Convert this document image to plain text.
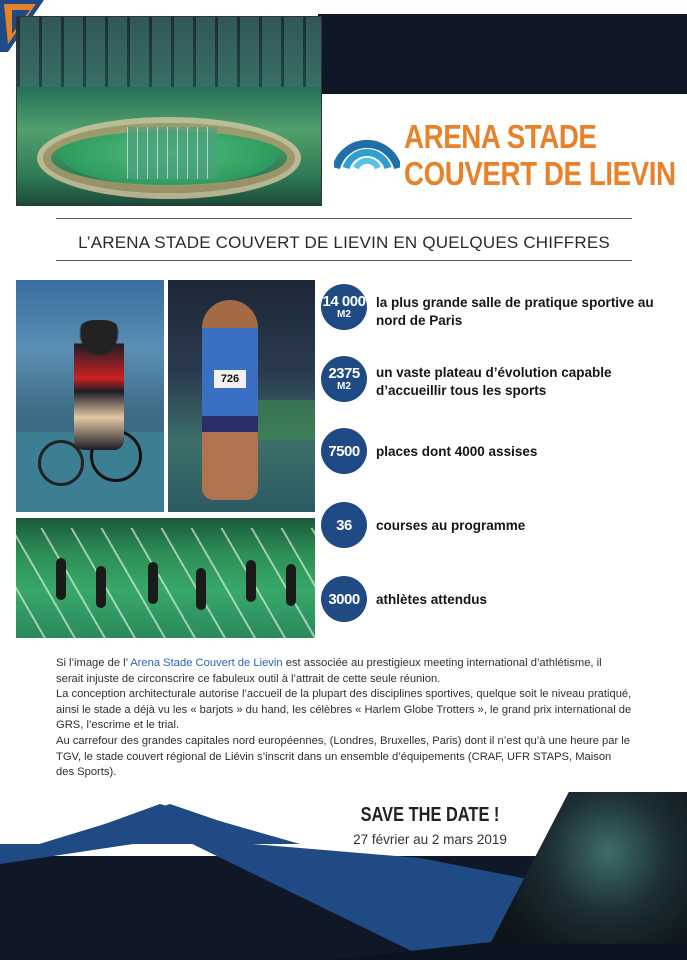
726
ARENA STADE
COUVERT DE LIEVIN
L’ARENA STADE COUVERT DE LIEVIN EN QUELQUES CHIFFRES
14 000
M2
la plus grande salle de pratique sportive au nord de Paris
2375
M2
un vaste plateau d’évolution capable d’accueillir tous les sports
7500 places dont 4000 assises
36 courses au programme
3000 athlètes attendus

Si l’image de l’ Arena Stade Couvert de Lievin est associée au prestigieux meeting international d’athlétisme, il serait injuste de circonscrire ce fabuleux outil à l’attrait de cette seule réunion.

La conception architecturale autorise l’accueil de la plupart des disciplines sportives, quelque soit le niveau pratiqué, ainsi le stade a déjà vu les « barjots » du hand, les célèbres « Harlem Globe Trotters », le grand prix international de GRS, l’escrime et le trial.

Au carrefour des grandes capitales nord européennes, (Londres, Bruxelles, Paris) dont il n’est qu’à une heure par le TGV, le stade couvert régional de Liévin s’inscrit dans un ensemble d’équipements (CRAF, UFR STAPS, Maison des Sports).

SAVE THE DATE !
27 février au 2 mars 2019
